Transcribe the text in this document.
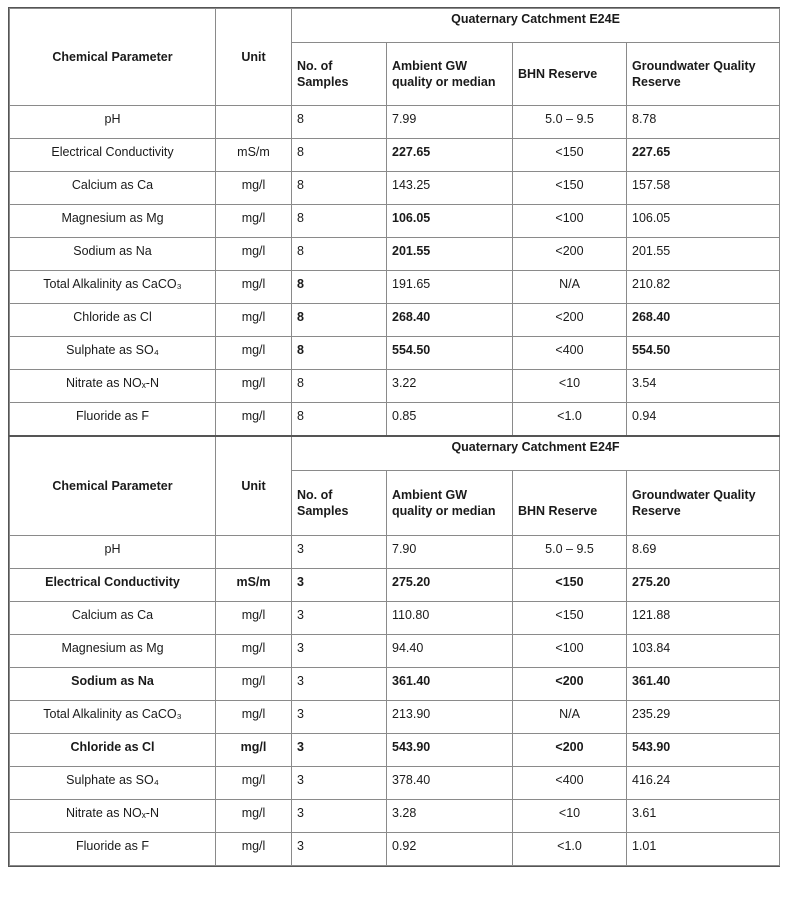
Chemical Parameter	Unit	Quaternary Catchment E24E			
		No. of Samples	Ambient GW quality or median	BHN Reserve	Groundwater Quality Reserve
pH		8	7.99	5.0 – 9.5	8.78
Electrical Conductivity	mS/m	8	227.65	<150	227.65
Calcium as Ca	mg/l	8	143.25	<150	157.58
Magnesium as Mg	mg/l	8	106.05	<100	106.05
Sodium as Na	mg/l	8	201.55	<200	201.55
Total Alkalinity as CaCO₃	mg/l	8	191.65	N/A	210.82
Chloride as Cl	mg/l	8	268.40	<200	268.40
Sulphate as SO₄	mg/l	8	554.50	<400	554.50
Nitrate as NOₓ-N	mg/l	8	3.22	<10	3.54
Fluoride as F	mg/l	8	0.85	<1.0	0.94
Chemical Parameter	Unit	Quaternary Catchment E24F			
		No. of Samples	Ambient GW quality or median	BHN Reserve	Groundwater Quality Reserve
pH		3	7.90	5.0 – 9.5	8.69
Electrical Conductivity	mS/m	3	275.20	<150	275.20
Calcium as Ca	mg/l	3	110.80	<150	121.88
Magnesium as Mg	mg/l	3	94.40	<100	103.84
Sodium as Na	mg/l	3	361.40	<200	361.40
Total Alkalinity as CaCO₃	mg/l	3	213.90	N/A	235.29
Chloride as Cl	mg/l	3	543.90	<200	543.90
Sulphate as SO₄	mg/l	3	378.40	<400	416.24
Nitrate as NOₓ-N	mg/l	3	3.28	<10	3.61
Fluoride as F	mg/l	3	0.92	<1.0	1.01
